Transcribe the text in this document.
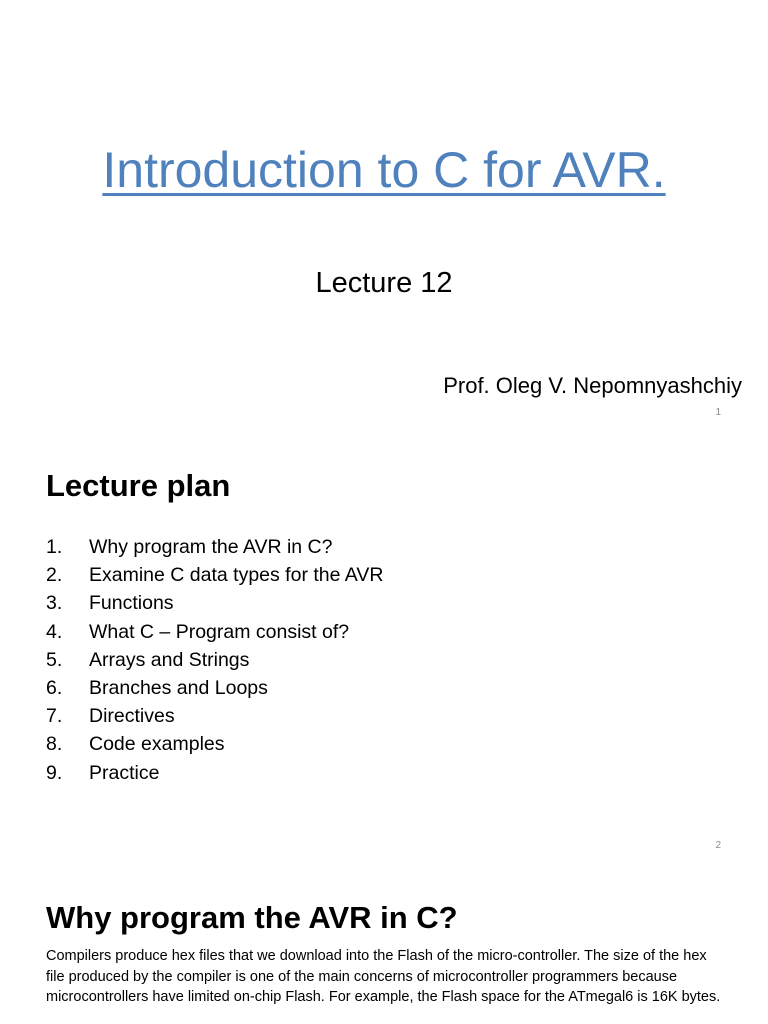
Introduction to C for AVR.
Lecture 12
Prof. Oleg V. Nepomnyashchiy
1
Lecture plan
1.	Why program the AVR in C?
2.	Examine C data types for the AVR
3.	Functions
4.	What C – Program consist of?
5.	Arrays and Strings
6.	Branches and Loops
7.	Directives
8.	Code examples
9.	Practice
2
Why program the AVR in C?
Compilers produce hex files that we download into the Flash of the micro-controller. The size of the hex file produced by the compiler is one of the main concerns of microcontroller programmers because microcontrollers have limited on-chip Flash. For example, the Flash space for the ATmegal6 is 16K bytes.
